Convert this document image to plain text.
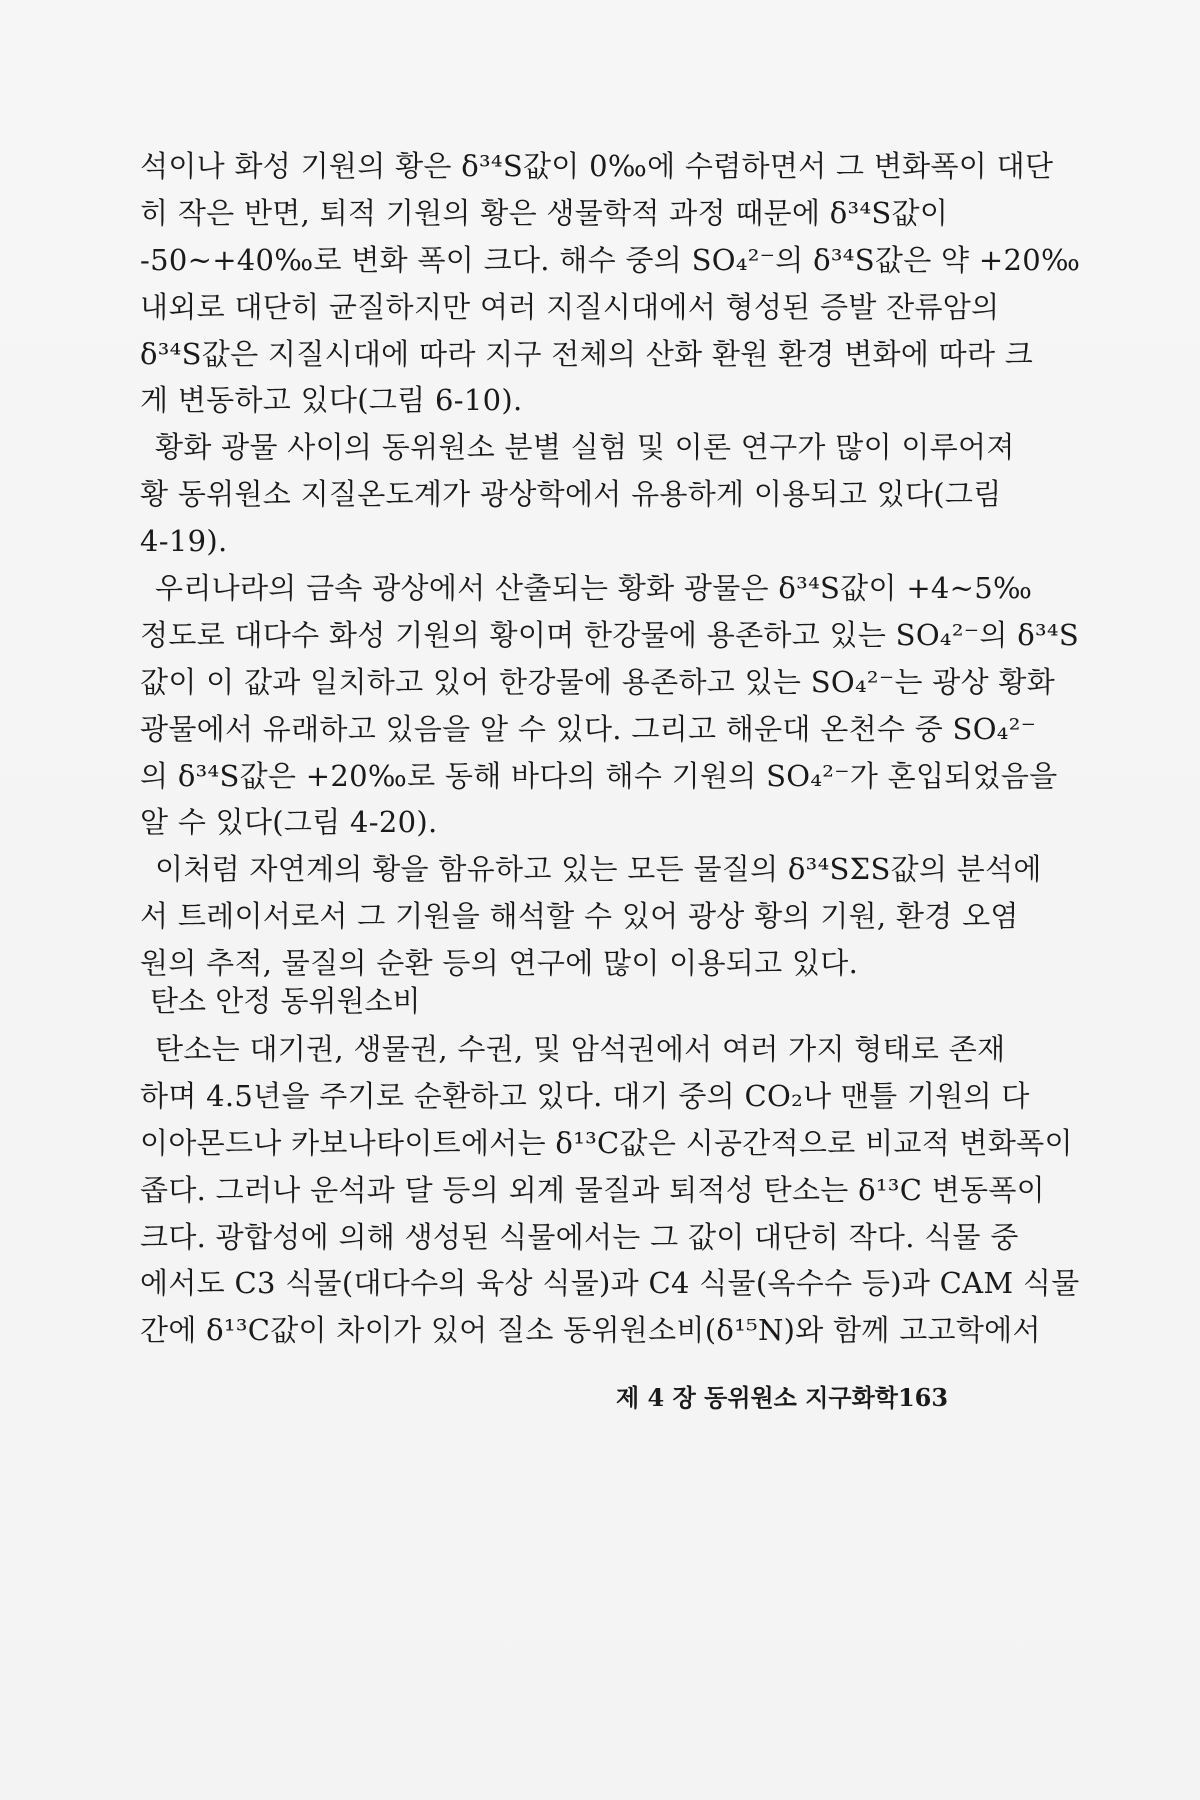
석이나 화성 기원의 황은 δ³⁴S값이 0‰에 수렴하면서 그 변화폭이 대단
히 작은 반면, 퇴적 기원의 황은 생물학적 과정 때문에 δ³⁴S값이
-50~+40‰로 변화 폭이 크다. 해수 중의 SO₄²⁻의 δ³⁴S값은 약 +20‰
내외로 대단히 균질하지만 여러 지질시대에서 형성된 증발 잔류암의
δ³⁴S값은 지질시대에 따라 지구 전체의 산화 환원 환경 변화에 따라 크
게 변동하고 있다(그림 6-10).
황화 광물 사이의 동위원소 분별 실험 및 이론 연구가 많이 이루어져
황 동위원소 지질온도계가 광상학에서 유용하게 이용되고 있다(그림
4-19).
우리나라의 금속 광상에서 산출되는 황화 광물은 δ³⁴S값이 +4~5‰
정도로 대다수 화성 기원의 황이며 한강물에 용존하고 있는 SO₄²⁻의 δ³⁴S
값이 이 값과 일치하고 있어 한강물에 용존하고 있는 SO₄²⁻는 광상 황화
광물에서 유래하고 있음을 알 수 있다. 그리고 해운대 온천수 중 SO₄²⁻
의 δ³⁴S값은 +20‰로 동해 바다의 해수 기원의 SO₄²⁻가 혼입되었음을
알 수 있다(그림 4-20).
이처럼 자연계의 황을 함유하고 있는 모든 물질의 δ³⁴SΣS값의 분석에
서 트레이서로서 그 기원을 해석할 수 있어 광상 황의 기원, 환경 오염
원의 추적, 물질의 순환 등의 연구에 많이 이용되고 있다.
탄소 안정 동위원소비
탄소는 대기권, 생물권, 수권, 및 암석권에서 여러 가지 형태로 존재
하며 4.5년을 주기로 순환하고 있다. 대기 중의 CO₂나 맨틀 기원의 다
이아몬드나 카보나타이트에서는 δ¹³C값은 시공간적으로 비교적 변화폭이
좁다. 그러나 운석과 달 등의 외계 물질과 퇴적성 탄소는 δ¹³C 변동폭이
크다. 광합성에 의해 생성된 식물에서는 그 값이 대단히 작다. 식물 중
에서도 C3 식물(대다수의 육상 식물)과 C4 식물(옥수수 등)과 CAM 식물
간에 δ¹³C값이 차이가 있어 질소 동위원소비(δ¹⁵N)와 함께 고고학에서
제 4 장 동위원소 지구화학 163
